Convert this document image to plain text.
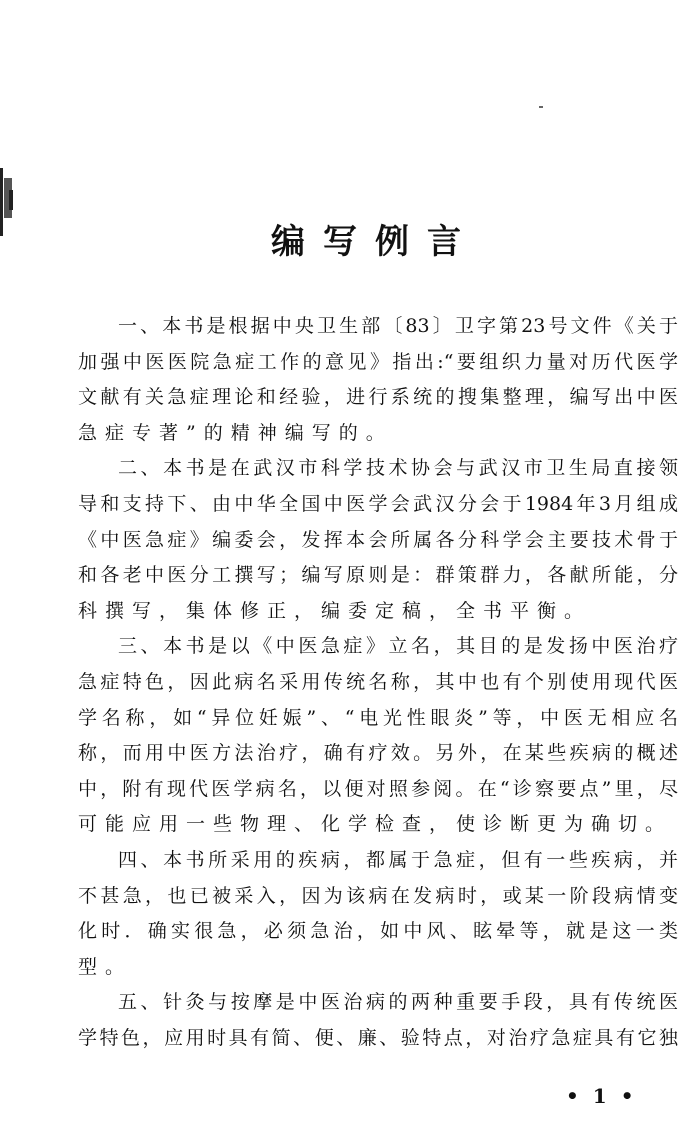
编写例言
一、本书是根据中央卫生部〔83〕卫字第23号文件《关于
加强中医医院急症工作的意见》指出:“要组织力量对历代医学
文献有关急症理论和经验，进行系统的搜集整理，编写出中医
急症专著”的精神编写的。
二、本书是在武汉市科学技术协会与武汉市卫生局直接领
导和支持下、由中华全国中医学会武汉分会于1984年3月组成
《中医急症》编委会，发挥本会所属各分科学会主要技术骨于
和各老中医分工撰写；编写原则是：群策群力，各献所能，分
科撰写，集体修正，编委定稿，全书平衡。
三、本书是以《中医急症》立名，其目的是发扬中医治疗
急症特色，因此病名采用传统名称，其中也有个别使用现代医
学名称，如“异位妊娠”、“电光性眼炎”等，中医无相应名
称，而用中医方法治疗，确有疗效。另外，在某些疾病的概述
中，附有现代医学病名，以便对照参阅。在“诊察要点”里，尽
可能应用一些物理、化学检查，使诊断更为确切。
四、本书所采用的疾病，都属于急症，但有一些疾病，并
不甚急，也已被采入，因为该病在发病时，或某一阶段病情变
化时．确实很急，必须急治，如中风、眩晕等，就是这一类
型。
五、针灸与按摩是中医治病的两种重要手段，具有传统医
学特色，应用时具有简、便、廉、验特点，对治疗急症具有它独
•1•
